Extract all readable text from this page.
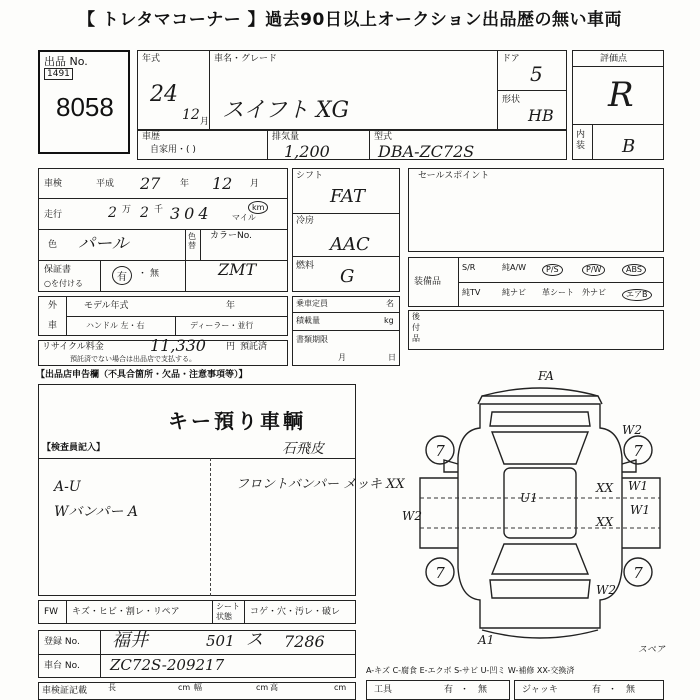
【 トレタマコーナー 】過去90日以上オークション出品歴の無い車両
出品 No.
1491
8058
年式
24
12 月
車名・グレード
スイフト XG
ドア
5
形状
HB
評価点
R
内装 B
車歴
自家用・( )
排気量
1,200
型式
DBA-ZC72S
車検	平成 27 年 12 月
走行	2 万 2 千 304	km
マイル
色 パール	色替
カラーNo.
ZMT
保証書
○を付ける
有	・ 無
シフト
FAT
冷房
AAC
燃料 G
セールスポイント
装備品
外
車
モデル年式	年
ハンドル 左・右	ディーラー・並行
乗車定員	名
積載量	kg
書類期限
月	日
後
付
品
リサイクル料金	11,330 円 預託済
預託済でない場合は出品店で支払する。
【出品店申告欄（不具合箇所・欠品・注意事項等）】
キー預り車輌
【検査員記入】	石飛皮
A-U
Wバンパー A
フロントバンパー メッキ XX
7	7
7	7
FA
W2
W1
W1
W2
U1
XX
XX
W2
A1
スペア
FW キズ・ヒビ・割レ・リペア
シート
状態 コゲ・穴・汚レ・破レ
登録 No. 福井	501 ス 7286
車台 No. ZC72S-209217
車検証記載	長	cm 幅	cm 高	cm
A-キズ C-腐食 E-エクボ S-サビ U-凹ミ W-補修 XX-交換済
工具	有 ・ 無	ジャッキ	有 ・ 無
S/R	純A/W	P/S	P/W	ABS
純TV	純ナビ 革シート 外ナビ	エアB
